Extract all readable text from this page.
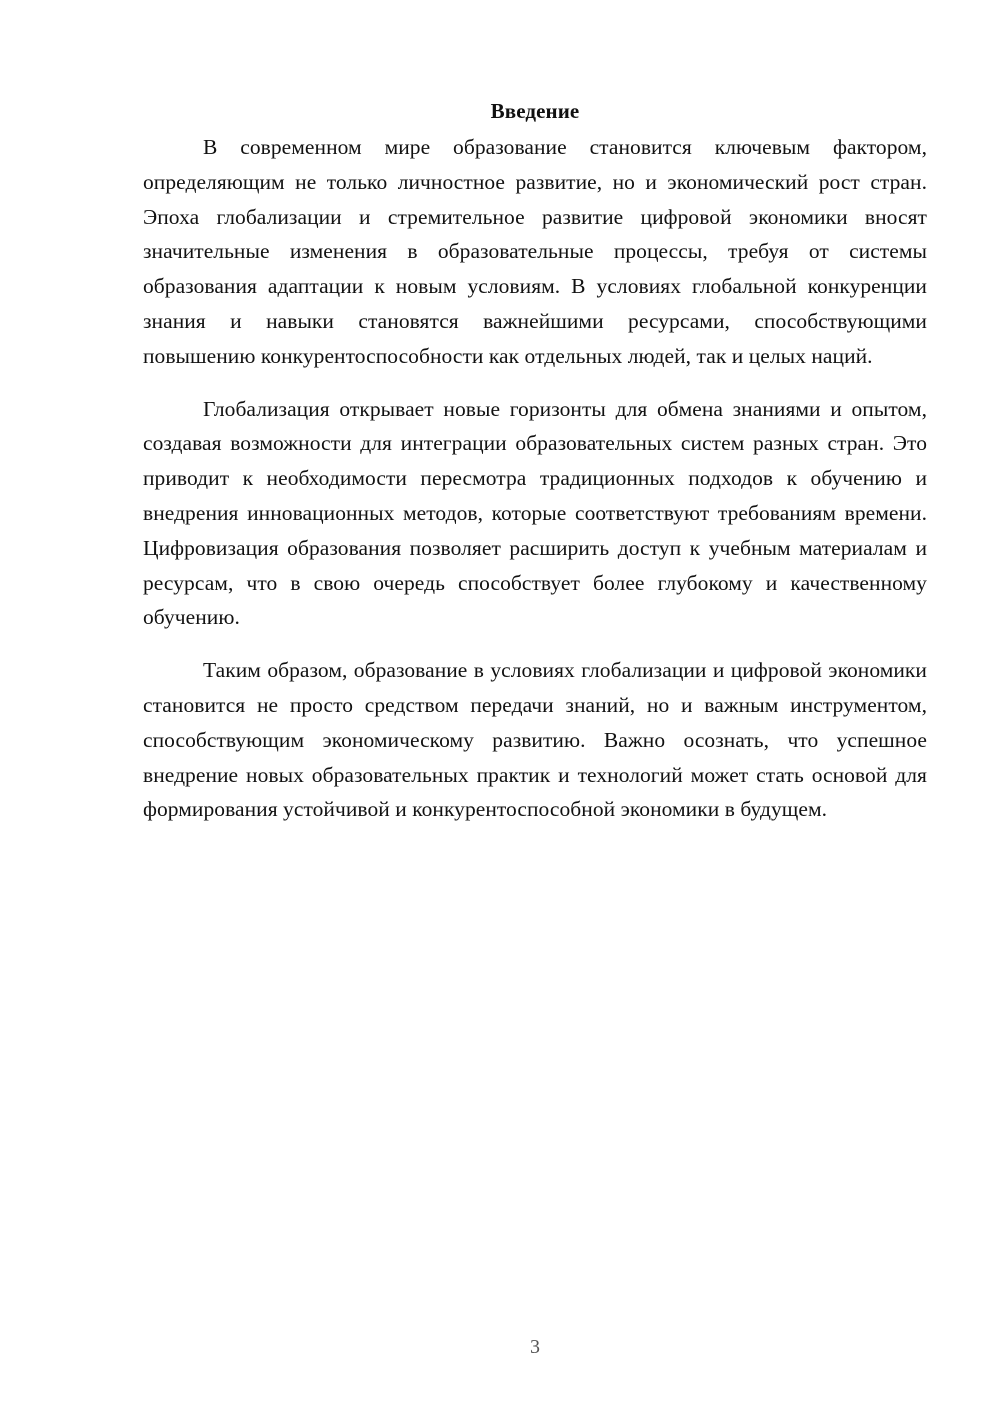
Введение

В современном мире образование становится ключевым фактором, определяющим не только личностное развитие, но и экономический рост стран. Эпоха глобализации и стремительное развитие цифровой экономики вносят значительные изменения в образовательные процессы, требуя от системы образования адаптации к новым условиям. В условиях глобальной конкуренции знания и навыки становятся важнейшими ресурсами, способствующими повышению конкурентоспособности как отдельных людей, так и целых наций.

Глобализация открывает новые горизонты для обмена знаниями и опытом, создавая возможности для интеграции образовательных систем разных стран. Это приводит к необходимости пересмотра традиционных подходов к обучению и внедрения инновационных методов, которые соответствуют требованиям времени. Цифровизация образования позволяет расширить доступ к учебным материалам и ресурсам, что в свою очередь способствует более глубокому и качественному обучению.

Таким образом, образование в условиях глобализации и цифровой экономики становится не просто средством передачи знаний, но и важным инструментом, способствующим экономическому развитию. Важно осознать, что успешное внедрение новых образовательных практик и технологий может стать основой для формирования устойчивой и конкурентоспособной экономики в будущем.

3
